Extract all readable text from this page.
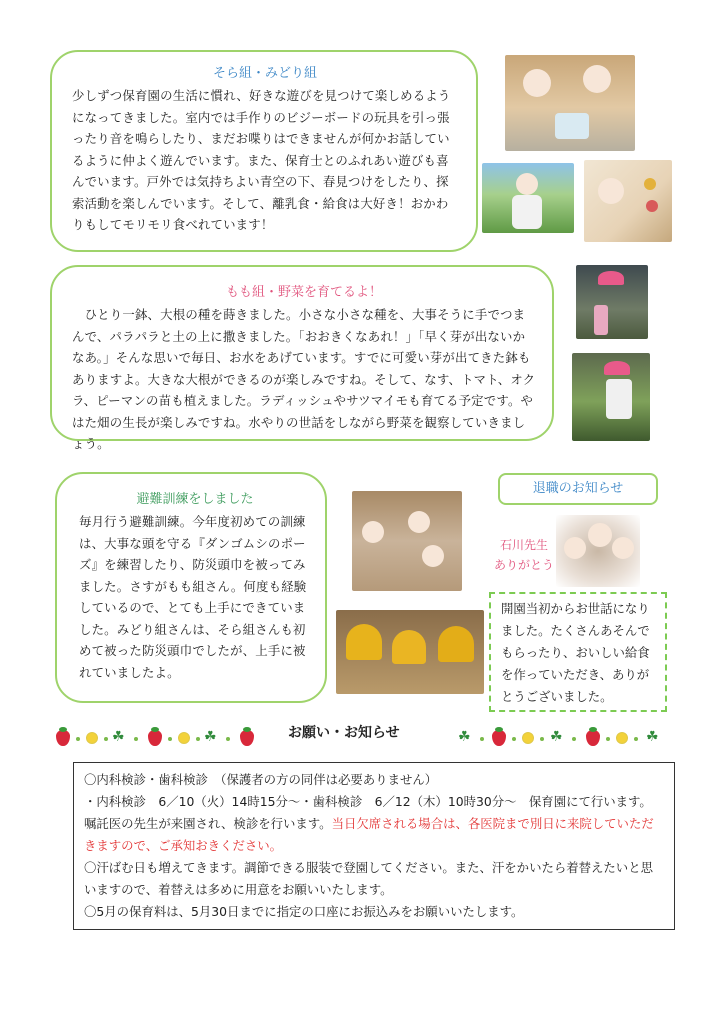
そら組・みどり組
少しずつ保育園の生活に慣れ、好きな遊びを見つけて楽しめるようになってきました。室内では手作りのビジーボードの玩具を引っ張ったり音を鳴らしたり、まだお喋りはできませんが何かお話しているように仲よく遊んでいます。また、保育士とのふれあい遊びも喜んでいます。戸外では気持ちよい青空の下、春見つけをしたり、探索活動を楽しんでいます。そして、離乳食・給食は大好き！おかわりもしてモリモリ食べれています！
もも組・野菜を育てるよ！
　ひとり一鉢、大根の種を蒔きました。小さな小さな種を、大事そうに手でつまんで、パラパラと土の上に撒きました。「おおきくなあれ！」「早く芽が出ないかなあ。」そんな思いで毎日、お水をあげています。すでに可愛い芽が出てきた鉢もありますよ。大きな大根ができるのが楽しみですね。そして、なす、トマト、オクラ、ピーマンの苗も植えました。ラディッシュやサツマイモも育てる予定です。やはた畑の生長が楽しみですね。水やりの世話をしながら野菜を観察していきましょう。
避難訓練をしました
毎月行う避難訓練。今年度初めての訓練は、大事な頭を守る『ダンゴムシのポーズ』を練習したり、防災頭巾を被ってみました。さすがもも組さん。何度も経験しているので、とても上手にできていました。みどり組さんは、そら組さんも初めて被った防災頭巾でしたが、上手に被れていましたよ。
退職のお知らせ
石川先生
ありがとう
開園当初からお世話になりました。たくさんあそんでもらったり、おいしい給食を作っていただき、ありがとうございました。
☘	☘	☘	☘	☘
お願い・お知らせ
〇内科検診・歯科検診　（保護者の方の同伴は必要ありません）
・内科検診　6／10（火）14時15分～・歯科検診　6／12（木）10時30分～　保育園にて行います。嘱託医の先生が来園され、検診を行います。当日欠席される場合は、各医院まで別日に来院していただきますので、ご承知おきください。
〇汗ばむ日も増えてきます。調節できる服装で登園してください。また、汗をかいたら着替えたいと思いますので、着替えは多めに用意をお願いいたします。
〇5月の保育料は、5月30日までに指定の口座にお振込みをお願いいたします。
